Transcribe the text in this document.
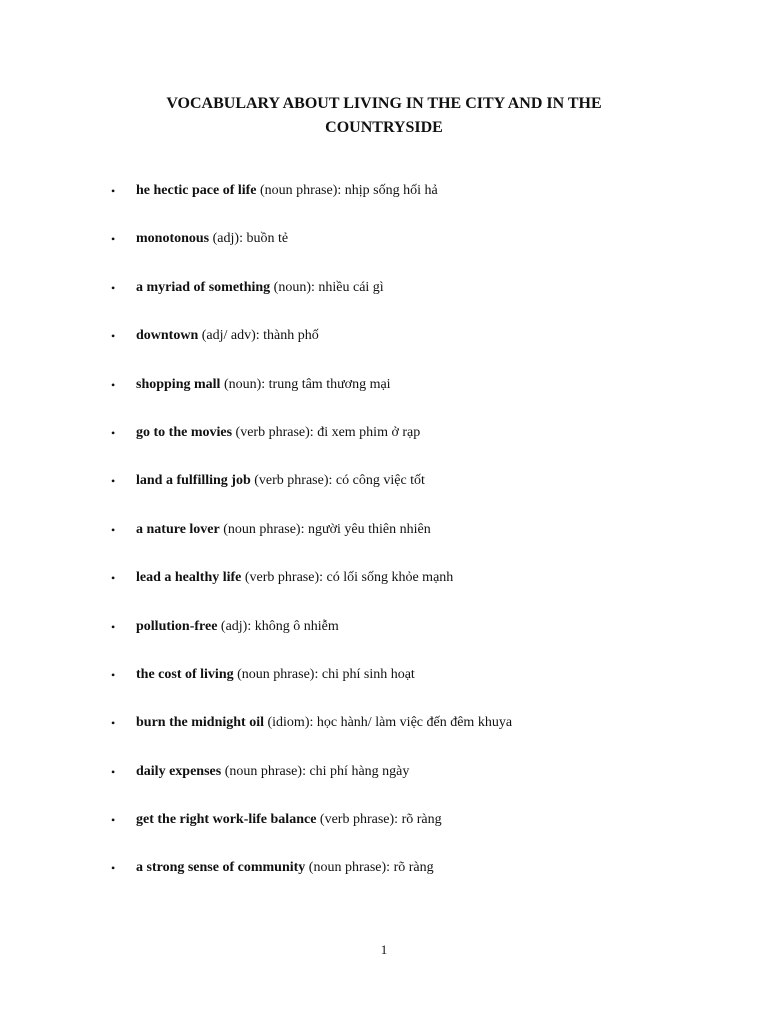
VOCABULARY ABOUT LIVING IN THE CITY AND IN THE COUNTRYSIDE
• he hectic pace of life (noun phrase): nhịp sống hối hả
• monotonous (adj): buồn tẻ
• a myriad of something (noun): nhiều cái gì
• downtown (adj/ adv): thành phố
• shopping mall (noun): trung tâm thương mại
• go to the movies (verb phrase): đi xem phim ở rạp
• land a fulfilling job (verb phrase): có công việc tốt
• a nature lover (noun phrase): người yêu thiên nhiên
• lead a healthy life (verb phrase): có lối sống khỏe mạnh
• pollution-free (adj): không ô nhiễm
• the cost of living (noun phrase): chi phí sinh hoạt
• burn the midnight oil (idiom): học hành/ làm việc đến đêm khuya
• daily expenses (noun phrase): chi phí hàng ngày
• get the right work-life balance (verb phrase): rõ ràng
• a strong sense of community (noun phrase): rõ ràng
1
